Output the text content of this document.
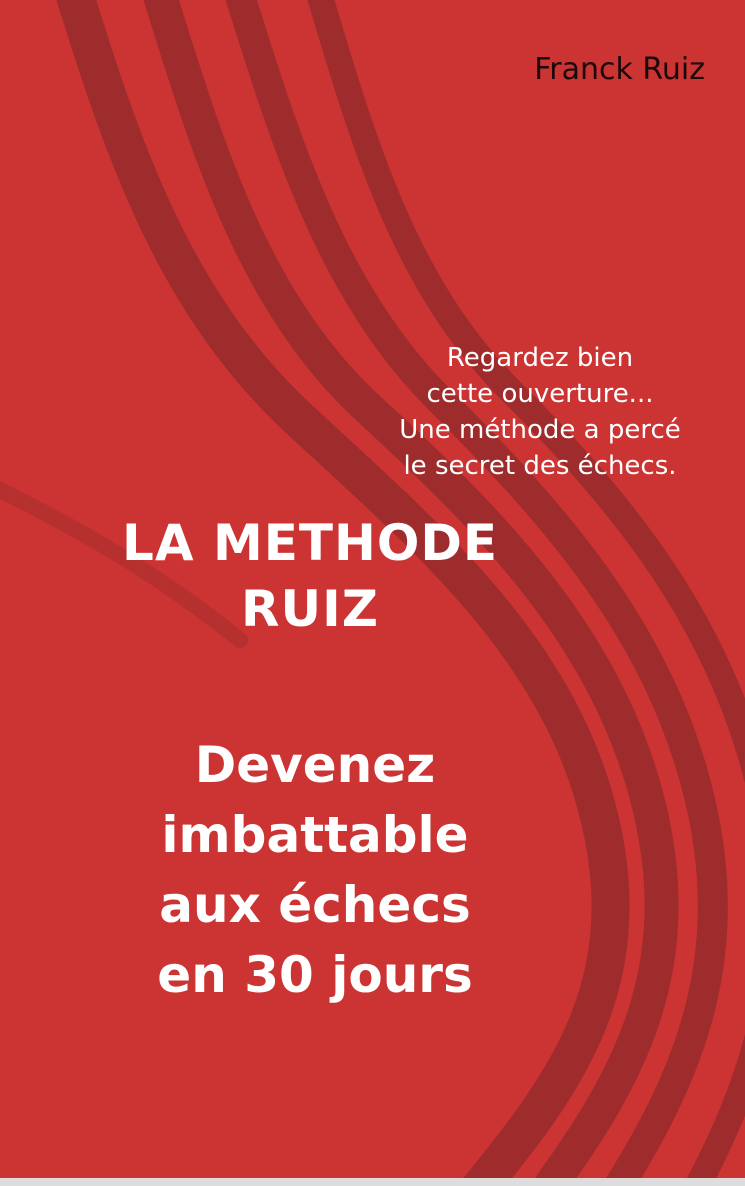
Franck Ruiz
Regardez bien
cette ouverture...
Une méthode a percé
le secret des échecs.
LA METHODE
RUIZ
Devenez
imbattable
aux échecs
en 30 jours
